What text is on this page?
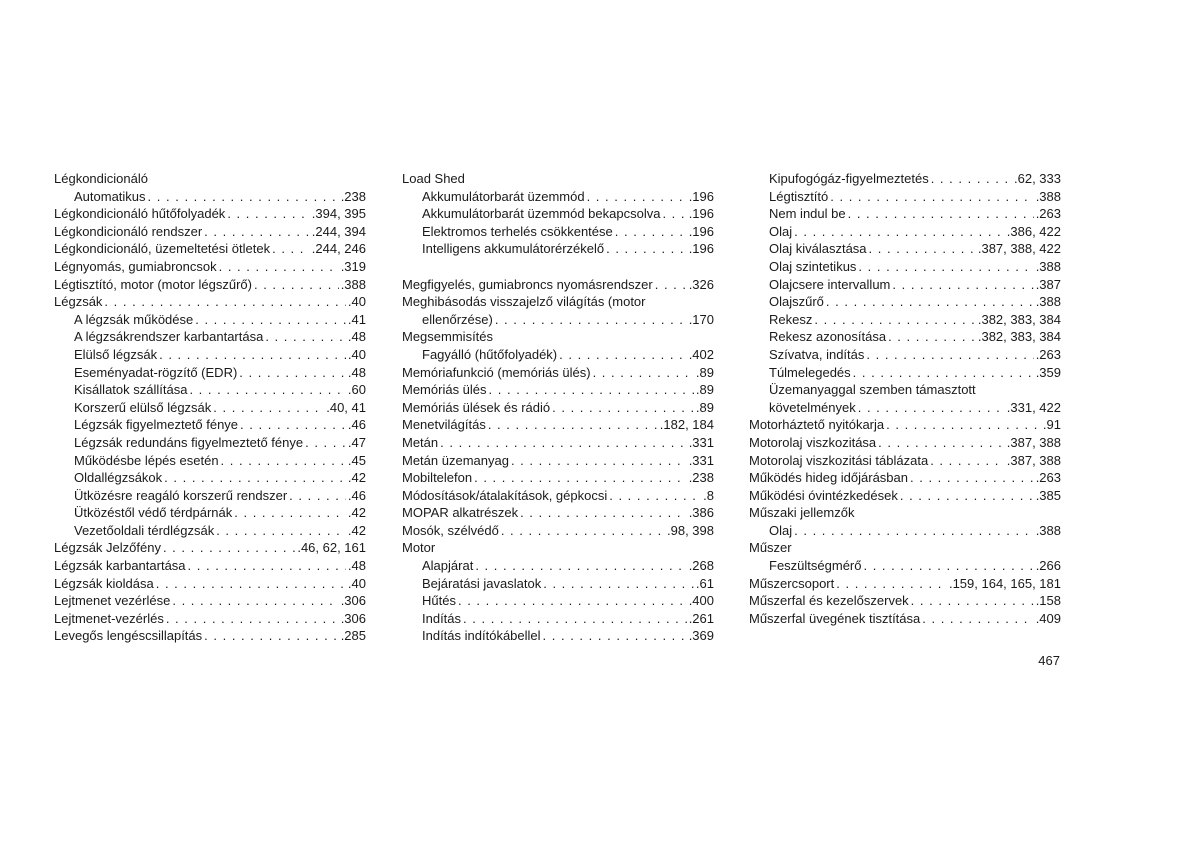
Légkondicionáló
Automatikus . . .	.238
Légkondicionáló hűtőfolyadék . . .	.394, 395
Légkondicionáló rendszer . . .	.244, 394
Légkondicionáló, üzemeltetési ötletek . . .	.244, 246
Légnyomás, gumiabroncsok . . .	.319
Légtisztító, motor (motor légszűrő) . . .	.388
Légzsák . . .	.40
A légzsák működése . . .	.41
A légzsákrendszer karbantartása . . .	.48
Elülső légzsák . . .	.40
Eseményadat-rögzítő (EDR) . . .	.48
Kisállatok szállítása . . .	.60
Korszerű elülső légzsák . . .	.40, 41
Légzsák figyelmeztető fénye . . .	.46
Légzsák redundáns figyelmeztető fénye . . .	.47
Működésbe lépés esetén . . .	.45
Oldallégzsákok . . .	.42
Ütközésre reagáló korszerű rendszer . . .	.46
Ütközéstől védő térdpárnák . . .	.42
Vezetőoldali térdlégzsák . . .	.42
Légzsák Jelzőfény . . .	.46, 62, 161
Légzsák karbantartása . . .	.48
Légzsák kioldása . . .	.40
Lejtmenet vezérlése . . .	.306
Lejtmenet-vezérlés . . .	.306
Levegős lengéscsillapítás . . .	.285
Load Shed
Akkumulátorbarát üzemmód . . .	.196
Akkumulátorbarát üzemmód bekapcsolva . . . .196
Elektromos terhelés csökkentése . . .	.196
Intelligens akkumulátorérzékelő . . .	.196
Megfigyelés, gumiabroncs nyomásrendszer . . .	.326
Meghibásodás visszajelző világítás (motor
ellenőrzése) . . .	.170
Megsemmisítés
Fagyálló (hűtőfolyadék) . . .	.402
Memóriafunkció (memóriás ülés) . . .	.89
Memóriás ülés . . .	.89
Memóriás ülések és rádió . . .	.89
Menetvilágítás . . .	.182, 184
Metán . . .	.331
Metán üzemanyag . . .	.331
Mobiltelefon . . .	.238
Módosítások/átalakítások, gépkocsi . . .	.8
MOPAR alkatrészek . . .	.386
Mosók, szélvédő . . .	.98, 398
Motor
Alapjárat . . .	.268
Bejáratási javaslatok . . .	.61
Hűtés . . .	.400
Indítás . . .	.261
Indítás indítókábellel . . .	.369
Kipufogógáz-figyelmeztetés . . .	.62, 333
Légtisztító . . .	.388
Nem indul be . . .	.263
Olaj . . .	.386, 422
Olaj kiválasztása . . .	.387, 388, 422
Olaj szintetikus . . .	.388
Olajcsere intervallum . . .	.387
Olajszűrő . . .	.388
Rekesz . . .	.382, 383, 384
Rekesz azonosítása . . .	.382, 383, 384
Szívatva, indítás . . .	.263
Túlmelegedés . . .	.359
Üzemanyaggal szemben támasztott
követelmények . . .	.331, 422
Motorháztető nyitókarja . . .	.91
Motorolaj viszkozitása . . .	.387, 388
Motorolaj viszkozitási táblázata . . .	.387, 388
Működés hideg időjárásban . . .	.263
Működési óvintézkedések . . .	.385
Műszaki jellemzők
Olaj . . .	.388
Műszer
Feszültségmérő . . .	.266
Műszercsoport . . .	.159, 164, 165, 181
Műszerfal és kezelőszervek . . .	.158
Műszerfal üvegének tisztítása . . .	.409
467
